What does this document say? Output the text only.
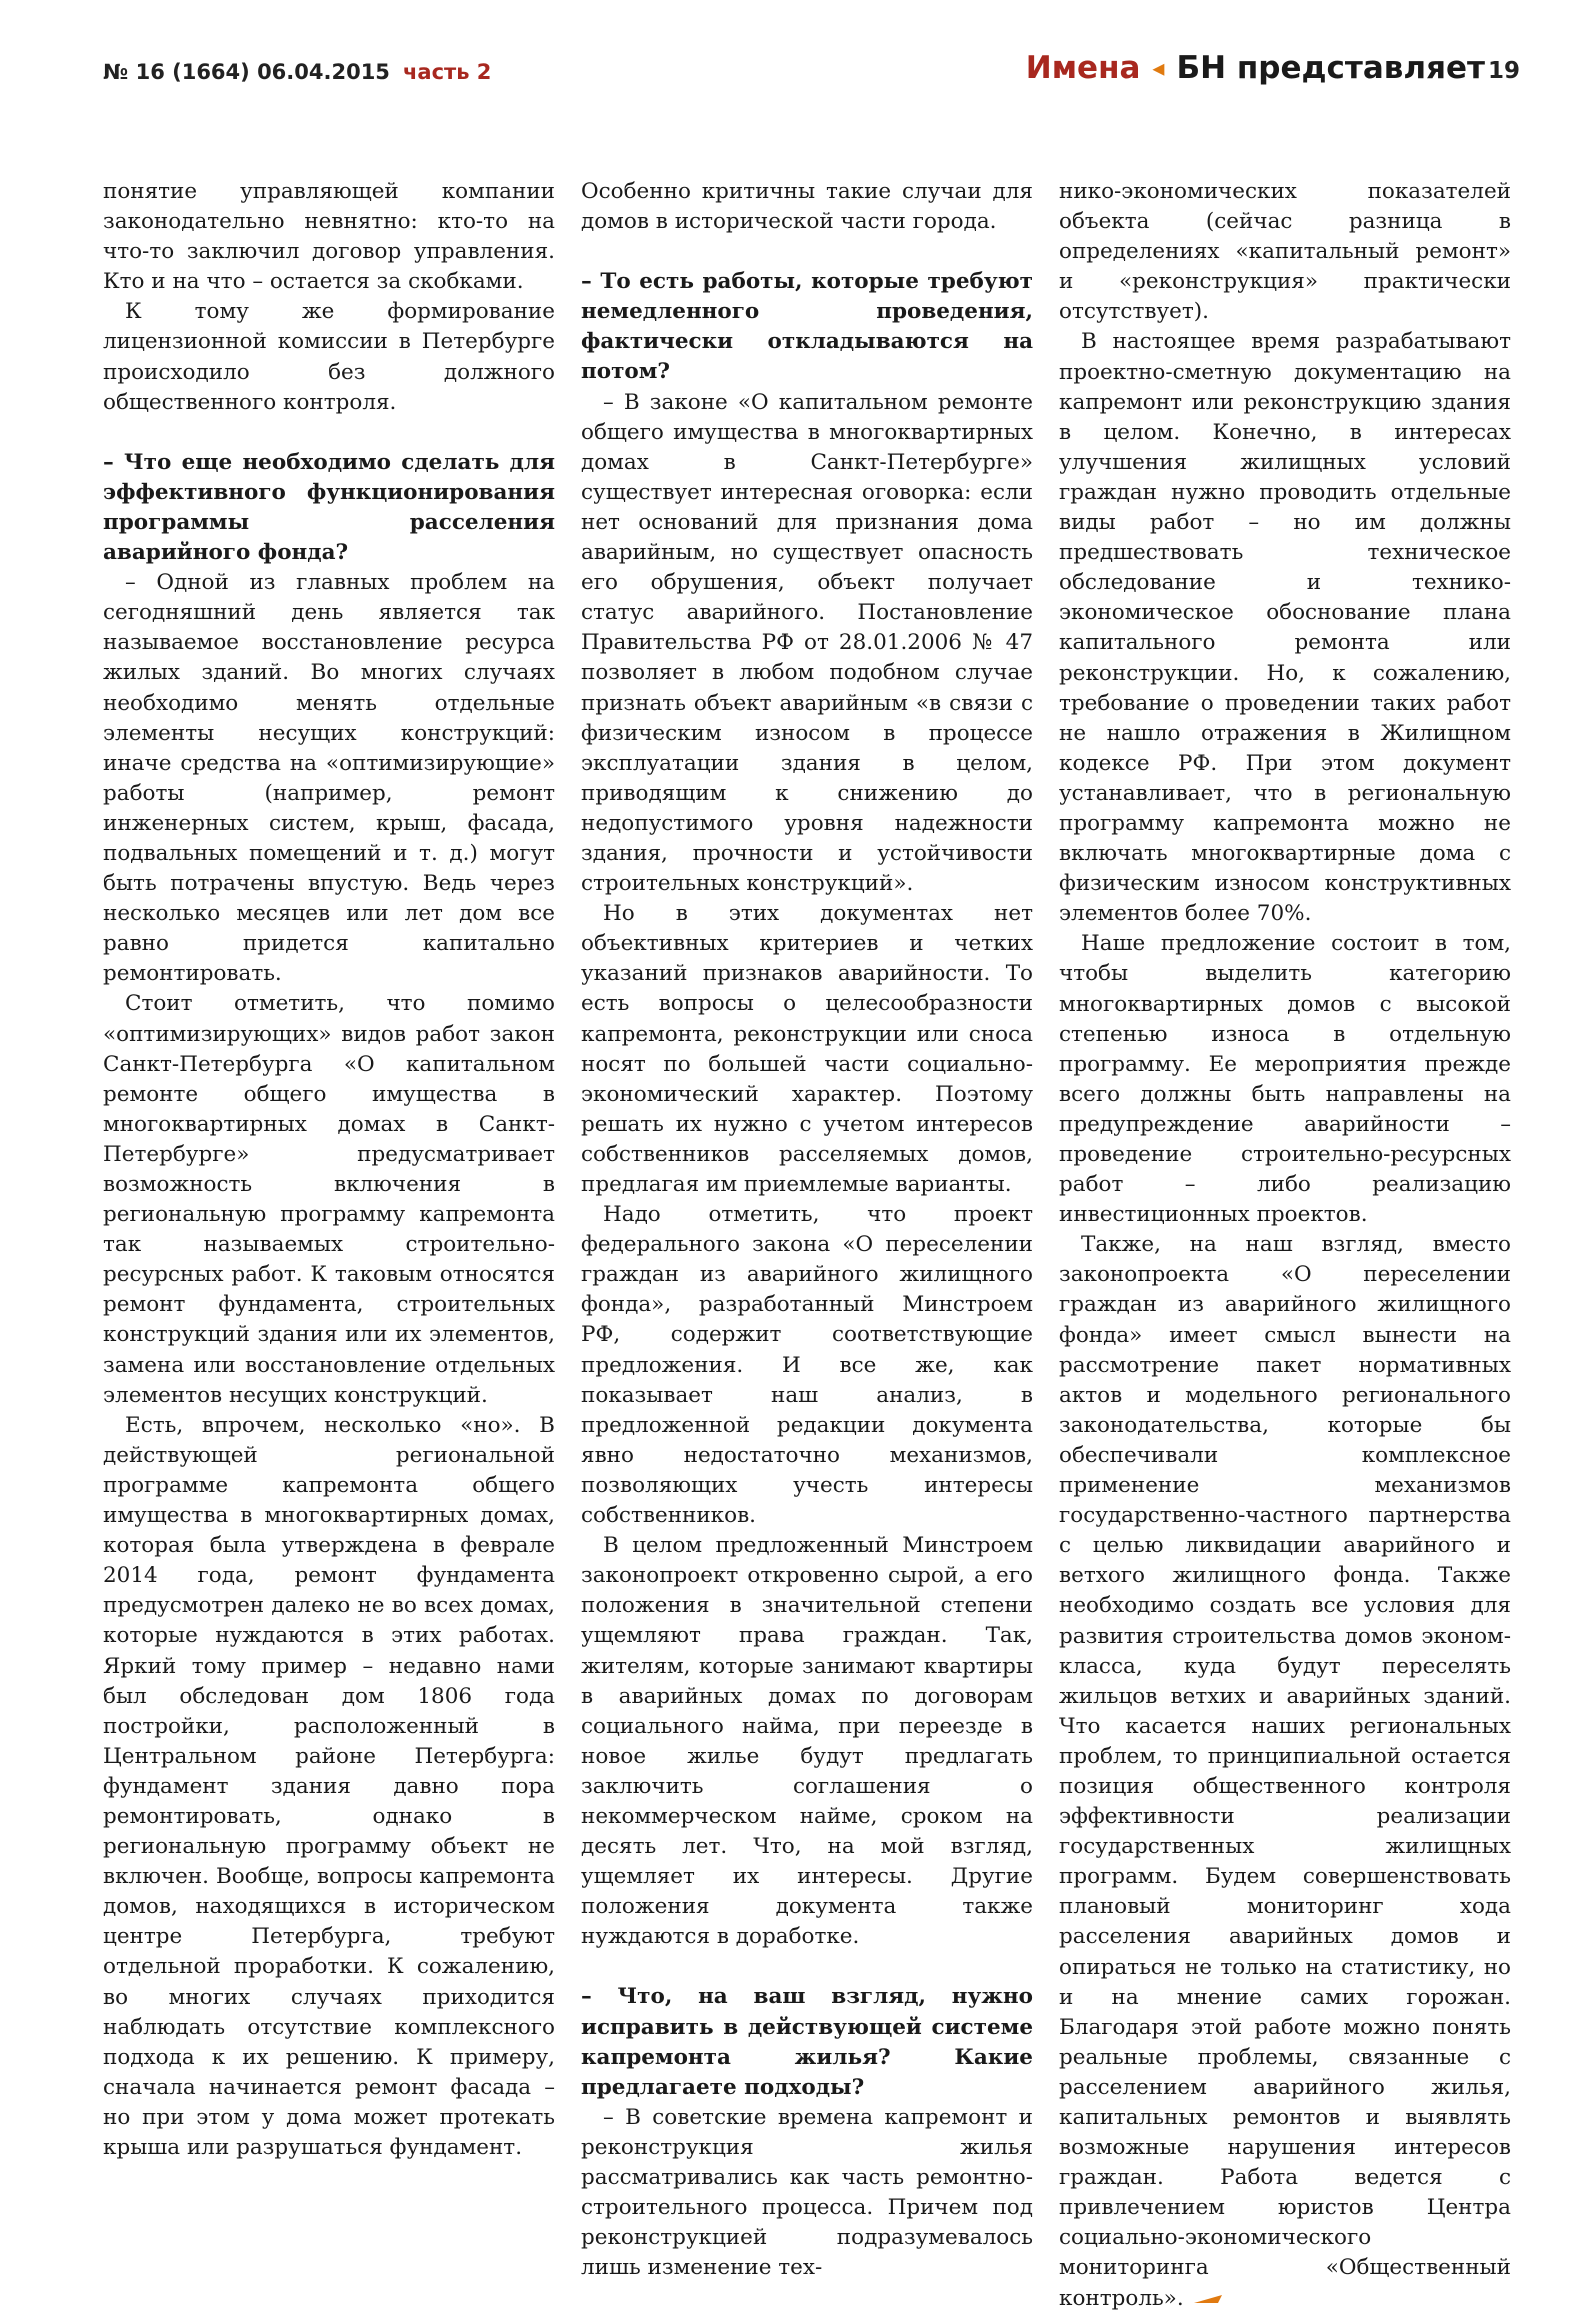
№ 16 (1664) 06.04.2015 часть 2	Имена ◂ БН представляет 19

понятие управляющей компании законодательно невнятно: кто-то на что-то заключил договор управления. Кто и на что – остается за скобками.

К тому же формирование лицензионной комиссии в Петербурге происходило без должного общественного контроля.

– Что еще необходимо сделать для эффективного функционирования программы расселения аварийного фонда?

– Одной из главных проблем на сегодняшний день является так называемое восстановление ресурса жилых зданий. Во многих случаях необходимо менять отдельные элементы несущих конструкций: иначе средства на «оптимизирующие» работы (например, ремонт инженерных систем, крыш, фасада, подвальных помещений и т. д.) могут быть потрачены впустую. Ведь через несколько месяцев или лет дом все равно придется капитально ремонтировать.

Стоит отметить, что помимо «оптимизирующих» видов работ закон Санкт-Петербурга «О капитальном ремонте общего имущества в многоквартирных домах в Санкт-Петербурге» предусматривает возможность включения в региональную программу капремонта так называемых строительно-ресурсных работ. К таковым относятся ремонт фундамента, строительных конструкций здания или их элементов, замена или восстановление отдельных элементов несущих конструкций.

Есть, впрочем, несколько «но». В действующей региональной программе капремонта общего имущества в многоквартирных домах, которая была утверждена в феврале 2014 года, ремонт фундамента предусмотрен далеко не во всех домах, которые нуждаются в этих работах. Яркий тому пример – недавно нами был обследован дом 1806 года постройки, расположенный в Центральном районе Петербурга: фундамент здания давно пора ремонтировать, однако в региональную программу объект не включен. Вообще, вопросы капремонта домов, находящихся в историческом центре Петербурга, требуют отдельной проработки. К сожалению, во многих случаях приходится наблюдать отсутствие комплексного подхода к их решению. К примеру, сначала начинается ремонт фасада – но при этом у дома может протекать крыша или разрушаться фундамент.

Особенно критичны такие случаи для домов в исторической части города.

– То есть работы, которые требуют немедленного проведения, фактически откладываются на потом?

– В законе «О капитальном ремонте общего имущества в многоквартирных домах в Санкт-Петербурге» существует интересная оговорка: если нет оснований для признания дома аварийным, но существует опасность его обрушения, объект получает статус аварийного. Постановление Правительства РФ от 28.01.2006 № 47 позволяет в любом подобном случае признать объект аварийным «в связи с физическим износом в процессе эксплуатации здания в целом, приводящим к снижению до недопустимого уровня надежности здания, прочности и устойчивости строительных конструкций».

Но в этих документах нет объективных критериев и четких указаний признаков аварийности. То есть вопросы о целесообразности капремонта, реконструкции или сноса носят по большей части социально-экономический характер. Поэтому решать их нужно с учетом интересов собственников расселяемых домов, предлагая им приемлемые варианты.

Надо отметить, что проект федерального закона «О переселении граждан из аварийного жилищного фонда», разработанный Минстроем РФ, содержит соответствующие предложения. И все же, как показывает наш анализ, в предложенной редакции документа явно недостаточно механизмов, позволяющих учесть интересы собственников.

В целом предложенный Минстроем законопроект откровенно сырой, а его положения в значительной степени ущемляют права граждан. Так, жителям, которые занимают квартиры в аварийных домах по договорам социального найма, при переезде в новое жилье будут предлагать заключить соглашения о некоммерческом найме, сроком на десять лет. Что, на мой взгляд, ущемляет их интересы. Другие положения документа также нуждаются в доработке.

– Что, на ваш взгляд, нужно исправить в действующей системе капремонта жилья? Какие предлагаете подходы?

– В советские времена капремонт и реконструкция жилья рассматривались как часть ремонтно-строительного процесса. Причем под реконструкцией подразумевалось лишь изменение тех-

нико-экономических показателей объекта (сейчас разница в определениях «капитальный ремонт» и «реконструкция» практически отсутствует).

В настоящее время разрабатывают проектно-сметную документацию на капремонт или реконструкцию здания в целом. Конечно, в интересах улучшения жилищных условий граждан нужно проводить отдельные виды работ – но им должны предшествовать техническое обследование и технико-экономическое обоснование плана капитального ремонта или реконструкции. Но, к сожалению, требование о проведении таких работ не нашло отражения в Жилищном кодексе РФ. При этом документ устанавливает, что в региональную программу капремонта можно не включать многоквартирные дома с физическим износом конструктивных элементов более 70%.

Наше предложение состоит в том, чтобы выделить категорию многоквартирных домов с высокой степенью износа в отдельную программу. Ее мероприятия прежде всего должны быть направлены на предупреждение аварийности – проведение строительно-ресурсных работ – либо реализацию инвестиционных проектов.

Также, на наш взгляд, вместо законопроекта «О переселении граждан из аварийного жилищного фонда» имеет смысл вынести на рассмотрение пакет нормативных актов и модельного регионального законодательства, которые бы обеспечивали комплексное применение механизмов государственно-частного партнерства с целью ликвидации аварийного и ветхого жилищного фонда. Также необходимо создать все условия для развития строительства домов эконом-класса, куда будут переселять жильцов ветхих и аварийных зданий. Что касается наших региональных проблем, то принципиальной остается позиция общественного контроля эффективности реализации государственных жилищных программ. Будем совершенствовать плановый мониторинг хода расселения аварийных домов и опираться не только на статистику, но и на мнение самих горожан. Благодаря этой работе можно понять реальные проблемы, связанные с расселением аварийного жилья, капитальных ремонтов и выявлять возможные нарушения интересов граждан. Работа ведется с привлечением юристов Центра социально-экономического мониторинга «Общественный контроль».
